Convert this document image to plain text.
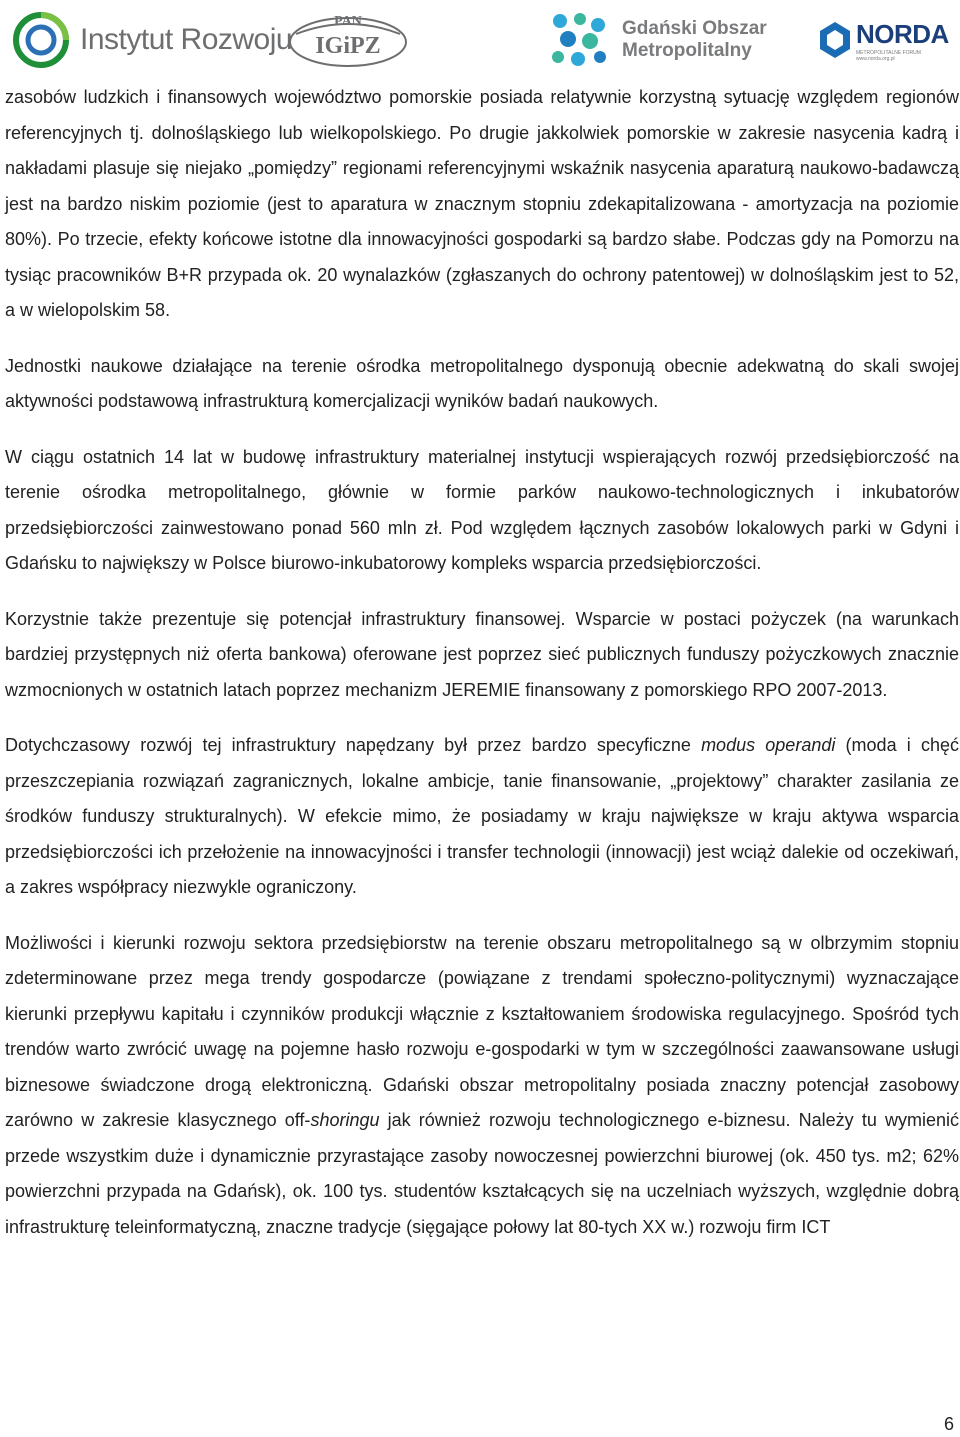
Instytut Rozwoju
PAN
IGiPZ
Gdański Obszar
Metropolitalny
NORDA
METROPOLITALNE FORUM
www.norda.org.pl

zasobów ludzkich i finansowych województwo pomorskie posiada relatywnie korzystną sytuację względem regionów referencyjnych tj. dolnośląskiego lub wielkopolskiego. Po drugie jakkolwiek pomorskie w zakresie nasycenia kadrą i nakładami plasuje się niejako „pomiędzy” regionami referencyjnymi wskaźnik nasycenia aparaturą naukowo-badawczą jest na bardzo niskim poziomie (jest to aparatura w znacznym stopniu zdekapitalizowana - amortyzacja na poziomie 80%). Po trzecie, efekty końcowe istotne dla innowacyjności gospodarki są bardzo słabe. Podczas gdy na Pomorzu na tysiąc pracowników B+R przypada ok. 20 wynalazków (zgłaszanych do ochrony patentowej) w dolnośląskim jest to 52, a w wielopolskim 58.

Jednostki naukowe działające na terenie ośrodka metropolitalnego dysponują obecnie adekwatną do skali swojej aktywności podstawową infrastrukturą komercjalizacji wyników badań naukowych.

W ciągu ostatnich 14 lat w budowę infrastruktury materialnej instytucji wspierających rozwój przedsiębiorczość na terenie ośrodka metropolitalnego, głównie w formie parków naukowo-technologicznych i inkubatorów przedsiębiorczości zainwestowano ponad 560 mln zł. Pod względem łącznych zasobów lokalowych parki w Gdyni i Gdańsku to największy w Polsce biurowo-inkubatorowy kompleks wsparcia przedsiębiorczości.

Korzystnie także prezentuje się potencjał infrastruktury finansowej. Wsparcie w postaci pożyczek (na warunkach bardziej przystępnych niż oferta bankowa) oferowane jest poprzez sieć publicznych funduszy pożyczkowych znacznie wzmocnionych w ostatnich latach poprzez mechanizm JEREMIE finansowany z pomorskiego RPO 2007-2013.

Dotychczasowy rozwój tej infrastruktury napędzany był przez bardzo specyficzne modus operandi (moda i chęć przeszczepiania rozwiązań zagranicznych, lokalne ambicje, tanie finansowanie, „projektowy” charakter zasilania ze środków funduszy strukturalnych). W efekcie mimo, że posiadamy w kraju największe w kraju aktywa wsparcia przedsiębiorczości ich przełożenie na innowacyjności i transfer technologii (innowacji) jest wciąż dalekie od oczekiwań, a zakres współpracy niezwykle ograniczony.

Możliwości i kierunki rozwoju sektora przedsiębiorstw na terenie obszaru metropolitalnego są w olbrzymim stopniu zdeterminowane przez mega trendy gospodarcze (powiązane z trendami społeczno-politycznymi) wyznaczające kierunki przepływu kapitału i czynników produkcji włącznie z kształtowaniem środowiska regulacyjnego. Spośród tych trendów warto zwrócić uwagę na pojemne hasło rozwoju e-gospodarki w tym w szczególności zaawansowane usługi biznesowe świadczone drogą elektroniczną. Gdański obszar metropolitalny posiada znaczny potencjał zasobowy zarówno w zakresie klasycznego off-shoringu jak również rozwoju technologicznego e-biznesu. Należy tu wymienić przede wszystkim duże i dynamicznie przyrastające zasoby nowoczesnej powierzchni biurowej (ok. 450 tys. m2; 62% powierzchni przypada na Gdańsk), ok. 100 tys. studentów kształcących się na uczelniach wyższych, względnie dobrą infrastrukturę teleinformatyczną, znaczne tradycje (sięgające połowy lat 80-tych XX w.) rozwoju firm ICT

6
